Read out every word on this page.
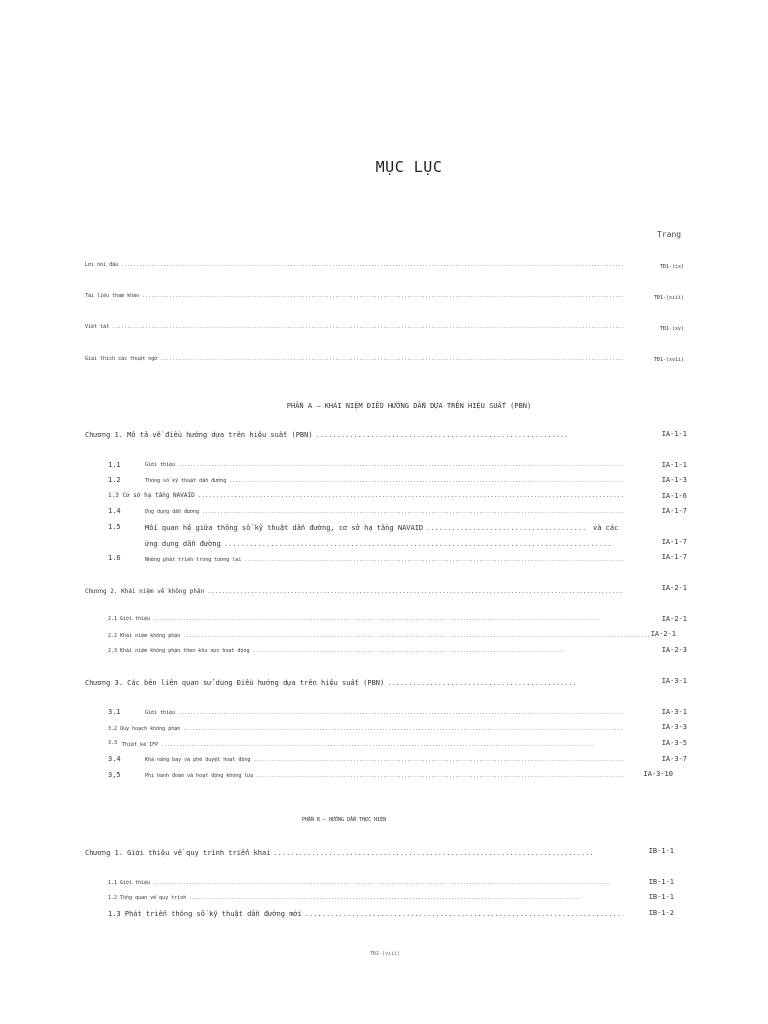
MỤC LỤC
Trang
Lời nói đầu .....	TĐ1-(ix)
Tài liệu tham khảo .....	TĐ1-(xiii)
Viết tắt .....	TĐ1-(xv)
Giải thích các thuật ngữ .....	TĐ1-(xvii)
PHẦN A – KHÁI NIỆM ĐIỀU HƯỚNG DẪN DỰA TRÊN HIỆU SUẤT (PBN)
Chương 1. Mô tả về điều hướng dựa trên hiệu suất (PBN) .....	IA-1-1
1.1	Giới thiệu .....	IA-1-1
1.2	Thông số kỹ thuật dẫn đường .....	IA-1-3
1.3 Cơ sở hạ tầng NAVAID .....	IA-1-6
1.4	Ứng dụng dẫn đường .....	IA-1-7
1.5	Mối quan hệ giữa thông số kỹ thuật dẫn đường, cơ sở hạ tầng NAVAID .....	và các
ứng dụng dẫn đường .....	IA-1-7
1.6	Những phát triển trong tương lai .....	IA-1-7
Chương 2. Khái niệm về không phận .....	IA-2-1
2.1 Giới thiệu .....	IA-2-1
2.2 Khái niệm không phận .....	IA-2-1
2.3 Khái niệm không phận theo khu vực hoạt động .....	IA-2-3
Chương 3. Các bên liên quan sử dụng Điều hướng dựa trên hiệu suất (PBN) .....	IA-3-1
3.1	Giới thiệu .....	IA-3-1
3.2 Quy hoạch không phận .....	IA-3-3
3.3 Thiết kế IFP .....	IA-3-5
3.4	Khả năng bay và phê duyệt hoạt động .....	IA-3-7
3,5	Phi hành đoàn và hoạt động không lưu .....	IA-3-10
PHẦN B – HƯỚNG DẪN THỰC HIỆN
Chương 1. Giới thiệu về quy trình triển khai .....	IB-1-1
1.1 Giới thiệu .....	IB-1-1
1.2 Tổng quan về quy trình .....	IB-1-1
1.3 Phát triển thông số kỹ thuật dẫn đường mới .....	IB-1-2
TĐ1-(viii)
